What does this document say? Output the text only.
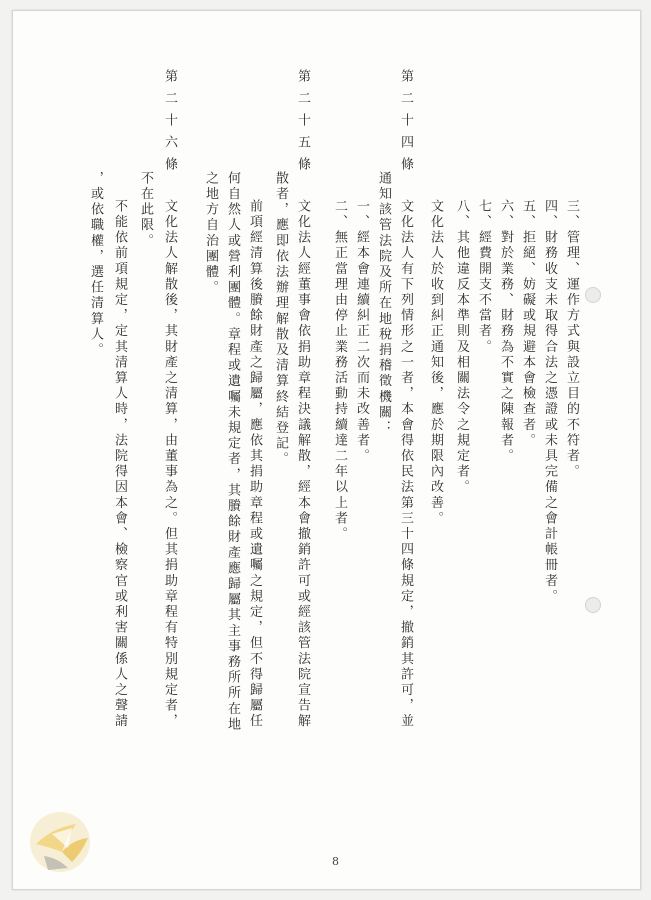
三、管理、運作方式與設立目的不符者。
四、財務收支未取得合法之憑證或未具完備之會計帳冊者。
五、拒絕、妨礙或規避本會檢查者。
六、對於業務、財務為不實之陳報者。
七、經費開支不當者。
八、其他違反本準則及相關法令之規定者。
文化法人於收到糾正通知後，應於期限內改善。
第二十四條
文化法人有下列情形之一者，本會得依民法第三十四條規定，撤銷其許可，並
通知該管法院及所在地稅捐稽徵機關：
一、經本會連續糾正二次而未改善者。
二、無正當理由停止業務活動持續達二年以上者。
第二十五條
文化法人經董事會依捐助章程決議解散，經本會撤銷許可或經該管法院宣告解
散者，應即依法辦理解散及清算終結登記。
前項經清算後賸餘財產之歸屬，應依其捐助章程或遺囑之規定，但不得歸屬任
何自然人或營利團體。章程或遺囑未規定者，其賸餘財產應歸屬其主事務所所在地
之地方自治團體。
第二十六條
文化法人解散後，其財產之清算，由董事為之。但其捐助章程有特別規定者，
不在此限。
不能依前項規定，定其清算人時，法院得因本會、檢察官或利害關係人之聲請
，或依職權，選任清算人。
8
